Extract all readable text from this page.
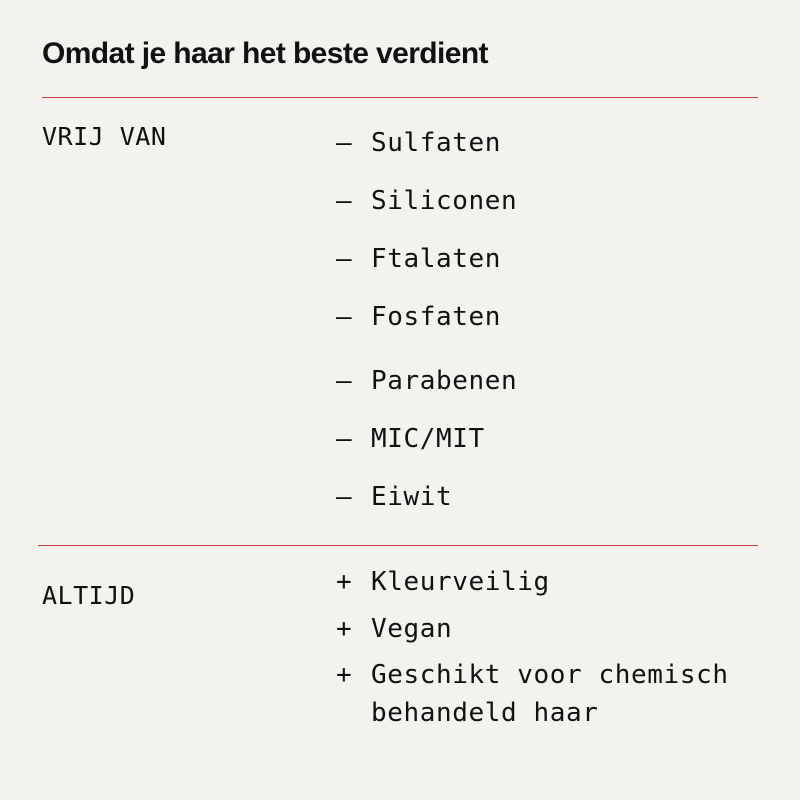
Omdat je haar het beste verdient
VRIJ VAN	— Sulfaten
— Siliconen
— Ftalaten
— Fosfaten
— Parabenen
— MIC/MIT
— Eiwit
ALTIJD	+ Kleurveilig
+ Vegan
+ Geschikt voor chemisch
behandeld haar
